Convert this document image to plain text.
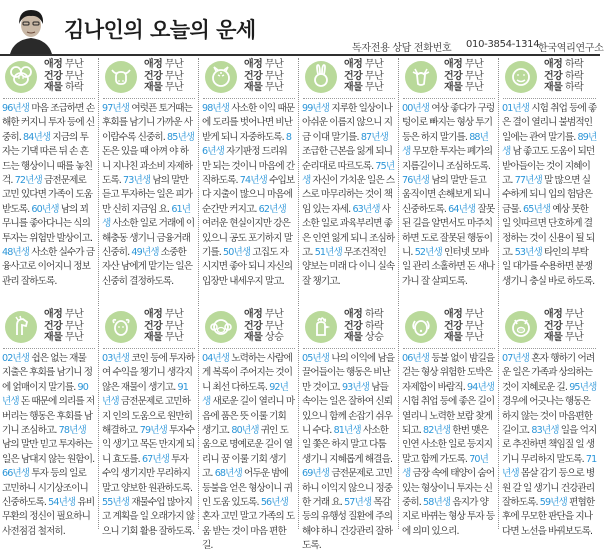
김나인의 오늘의 운세
독자전용 상담 전화번호 010-3854-1314
한국역리연구소
애정 무난
건강 무난
재물 하락
96년생 마음 조급하면 손해한 커지니 투자 등에 신중히. 84년생 지금의 투자는 기댁 따른 뒤 손 흔드는 행상이니 때를 놓친 걱. 72년생 금전문제로 고민 있다면 가족이 도움받도록. 60년생 남의 꾀 무니를 좋아다니는 식의 투자는 위험만 발상이고. 48년생 사소한 실수가 금융사고로 이어지니 정보관리 잘하도록.
애정 무난
건강 무난
재물 무난
97년생 여럿픈 토거때는 후회를 남기니 가까운 사이람수록 신중히. 85년생 돈은 있을 때 아껴 야 하니 지나친 과소비 자제하도록. 73년생 남의 말만 듣고 투자하는 일은 피가만 신히 지금임 요. 61년생 사소한 일로 거래에 이해충동 생기니 금융거래 신중히. 49년생 소중한 자산 남에게 맡기는 일은 신중히 결정하도록.
애정 무난
건강 무난
재물 무난
98년생 사소한 이익 때문에 도리를 벗어나면 비난받게 되니 자중하도록. 86년생 자기판정 드리워 만 되는 것이니 마음에 간직하도록. 74년생 수입보다 지출이 많으니 마음에 순간만 커지고. 62년생 여러운 현실이지만 강은 있으니 공도 포기하지 말기를. 50년생 고집도 자시지면 좋아 되니 자신의 입장만 내세우지 말고.
애정 무난
건강 무난
재물 무난
99년생 지루한 일상이나 아쉬운 이름지 않으니 지금 이대 말기를. 87년생 조급한 근본을 잃게 되니 순리대로 따르도록. 75년생 자신이 가치운 일은 스스로 마무리하는 것이 책임 있는 자세. 63년생 사소한 일로 과육부리면 좋은 인연 잃게 되니 조심하고. 51년생 무조건적인 양보는 미래 다 이니 실속 잘 챙기고.
애정 무난
건강 무난
재물 무난
00년생 여상 좋다가 구렁텅이로 빠지는 형상 투기등은 하지 말기를. 88년생 무모한 투자는 폐가의 지름길이니 조심하도록. 76년생 남의 말만 듣고 움직이면 손해보게 되니 신중하도록. 64년생 잘못된 길을 알면서도 마주치하면 도로 잘못된 행동이니. 52년생 인터넷 모바일 관리 소홀하면 돈 새나가니 잘 살피도록.
애정 하락
건강 하락
재물 하락
01년생 시험 취업 등에 좋은 결이 열리니 불범적인 일에는 관여 말기를. 89년생 남 좋고도 도움이 되던 받아들이는 것이 지혜이고. 77년생 말 많으면 실수하게 되니 입의 험담은 금물. 65년생 예상 못한 일 잇따르면 단호하게 결정하는 것이 신용이 될 되고. 53년생 타인의 부탁 일 대가를 수용하면 분쟁 생기니 충실 바로 하도록.
애정 무난
건강 무난
재물 무난
02년생 쉽은 없는 재물 지출은 후회를 남기니 정에 얽매이지 말기를. 90년생 돈 때문에 의리를 저버리는 행동은 후회를 남기니 조심하고. 78년생 남의 말만 믿고 투자하는 일은 남대지 않는 원함이. 66년생 투자 등의 일로 고민하니 시기상조이니 신중하도록. 54년생 유비무환의 정신이 필요하니 사전점검 철저히.
애정 무난
건강 무난
재물 무난
03년생 코인 등에 투자하여 수익을 챙기니 생각지 않은 재물이 생기고. 91년생 금전문제로 고민하지 인의 도움으로 원만히 해결하고. 79년생 투자수익 생기고 목돈 만지게 되니 효도를. 67년생 투자수익 생기지만 무리하지 말고 양보한 원관하도록. 55년생 재물수입 많아지고 계획을 일 오래가지 않으니 기회 활용 잘하도록.
애정 무난
건강 무난
재물 상승
04년생 노력하는 사람에게 복록이 주어지는 것이니 최선 다하도록. 92년생 새로운 길이 열리니 마음에 품은 뜻 이룰 기회 생기고. 80년생 귀인 도움으로 명예로운 길이 열리니 꿈 이룰 기회 생기고. 68년생 어두운 밤에 등불을 얻은 형상이니 귀인 도움 있도록. 56년생 혼자 고민 말고 가족의 도움 받는 것이 마음 편한 길.
애정 하락
건강 하락
재물 상승
05년생 나의 이익에 남을 끌어들이는 행동은 비난만 것이고. 93년생 남들 속이는 일은 잘하여 신뢰 있으니 함께 손잡기 쉬우니 수다. 81년생 사소한 일 쫓은 하지 말고 다툼 생기니 지혜롭게 해결을. 69년생 금전문제로 고민하니 이익지 않으니 정중한 거래 요. 57년생 목감 등의 유행성 질환에 주의해야 하니 건강관리 잘하도록.
애정 무난
건강 무난
재물 무난
06년생 등불 없이 밤길을 걷는 형상 위험한 도박은 자제함이 바람직. 94년생 시험 취업 등에 좋은 길이 열리니 노력한 보람 찾게 되고. 82년생 한번 맺은 인연 사소한 일로 등지지 말고 함께 가도록. 70년생 금장 속에 태양이 숨어 있는 형상이니 투자는 신중히. 58년생 음지가 양지로 바뀌는 형상 투자 등에 의미 있으리.
애정 무난
건강 무난
재물 무난
07년생 혼자 행하기 어려운 일은 가족과 상의하는 것이 지혜로운 길. 95년생 경우에 어긋나는 행동은 하지 않는 것이 마음편한 길이고. 83년생 일을 억지로 추진하면 책임질 일 생기니 무리하지 말도록. 71년생 몸살 감기 등으로 병원 갈 일 생기니 건강관리 잘하도록. 59년생 편협한 후에 무모한 판단을 지나다면 노선을 바꿔보도록.
